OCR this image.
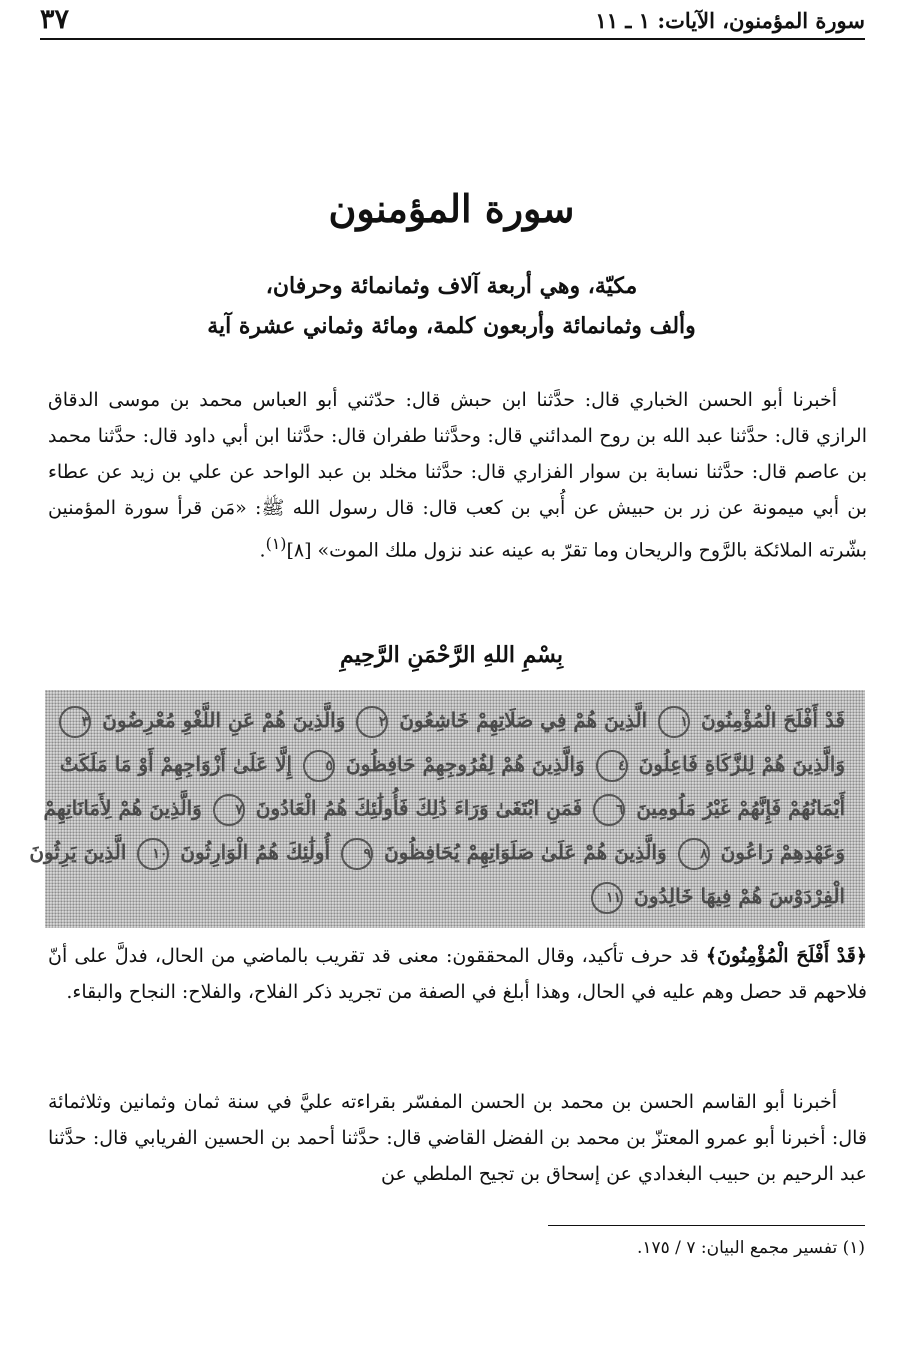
سورة المؤمنون، الآيات: ١ ـ ١١
٣٧
سورة المؤمنون
مكيّة، وهي أربعة آلاف وثمانمائة وحرفان،
وألف وثمانمائة وأربعون كلمة، ومائة وثماني عشرة آية
أخبرنا أبو الحسن الخباري قال: حدَّثنا ابن حبش قال: حدّثني أبو العباس محمد بن موسى الدقاق الرازي قال: حدَّثنا عبد الله بن روح المدائني قال: وحدَّثنا طفران قال: حدَّثنا ابن أبي داود قال: حدَّثنا محمد بن عاصم قال: حدَّثنا نسابة بن سوار الفزاري قال: حدَّثنا مخلد بن عبد الواحد عن علي بن زيد عن عطاء بن أبي ميمونة عن زر بن حبيش عن أُبي بن كعب قال: قال رسول الله ﷺ: «مَن قرأ سورة المؤمنين بشّرته الملائكة بالرَّوح والريحان وما تقرّ به عينه عند نزول ملك الموت» [٨]$^{(١)}$.
بِسْمِ اللهِ الرَّحْمَنِ الرَّحِيمِ
قَدْ أَفْلَحَ الْمُؤْمِنُونَ ١ الَّذِينَ هُمْ فِي صَلَاتِهِمْ خَاشِعُونَ ٢ وَالَّذِينَ هُمْ عَنِ اللَّغْوِ مُعْرِضُونَ ٣
وَالَّذِينَ هُمْ لِلزَّكَاةِ فَاعِلُونَ ٤ وَالَّذِينَ هُمْ لِفُرُوجِهِمْ حَافِظُونَ ٥ إِلَّا عَلَىٰ أَزْوَاجِهِمْ أَوْ مَا مَلَكَتْ
أَيْمَانُهُمْ فَإِنَّهُمْ غَيْرُ مَلُومِينَ ٦ فَمَنِ ابْتَغَىٰ وَرَاءَ ذَٰلِكَ فَأُولَٰئِكَ هُمُ الْعَادُونَ ٧ وَالَّذِينَ هُمْ لِأَمَانَاتِهِمْ
وَعَهْدِهِمْ رَاعُونَ ٨ وَالَّذِينَ هُمْ عَلَىٰ صَلَوَاتِهِمْ يُحَافِظُونَ ٩ أُولَٰئِكَ هُمُ الْوَارِثُونَ ١٠ الَّذِينَ يَرِثُونَ
الْفِرْدَوْسَ هُمْ فِيهَا خَالِدُونَ ١١
﴿قَدْ أَفْلَحَ الْمُؤْمِنُونَ﴾ قد حرف تأكيد، وقال المحققون: معنى قد تقريب بالماضي من الحال، فدلَّ على أنّ فلاحهم قد حصل وهم عليه في الحال، وهذا أبلغ في الصفة من تجريد ذكر الفلاح، والفلاح: النجاح والبقاء.
أخبرنا أبو القاسم الحسن بن محمد بن الحسن المفسّر بقراءته عليَّ في سنة ثمان وثمانين وثلاثمائة قال: أخبرنا أبو عمرو المعتزّ بن محمد بن الفضل القاضي قال: حدَّثنا أحمد بن الحسين الفريابي قال: حدَّثنا عبد الرحيم بن حبيب البغدادي عن إسحاق بن تجيح الملطي عن
(١) تفسير مجمع البيان: ٧ / ١٧٥.
